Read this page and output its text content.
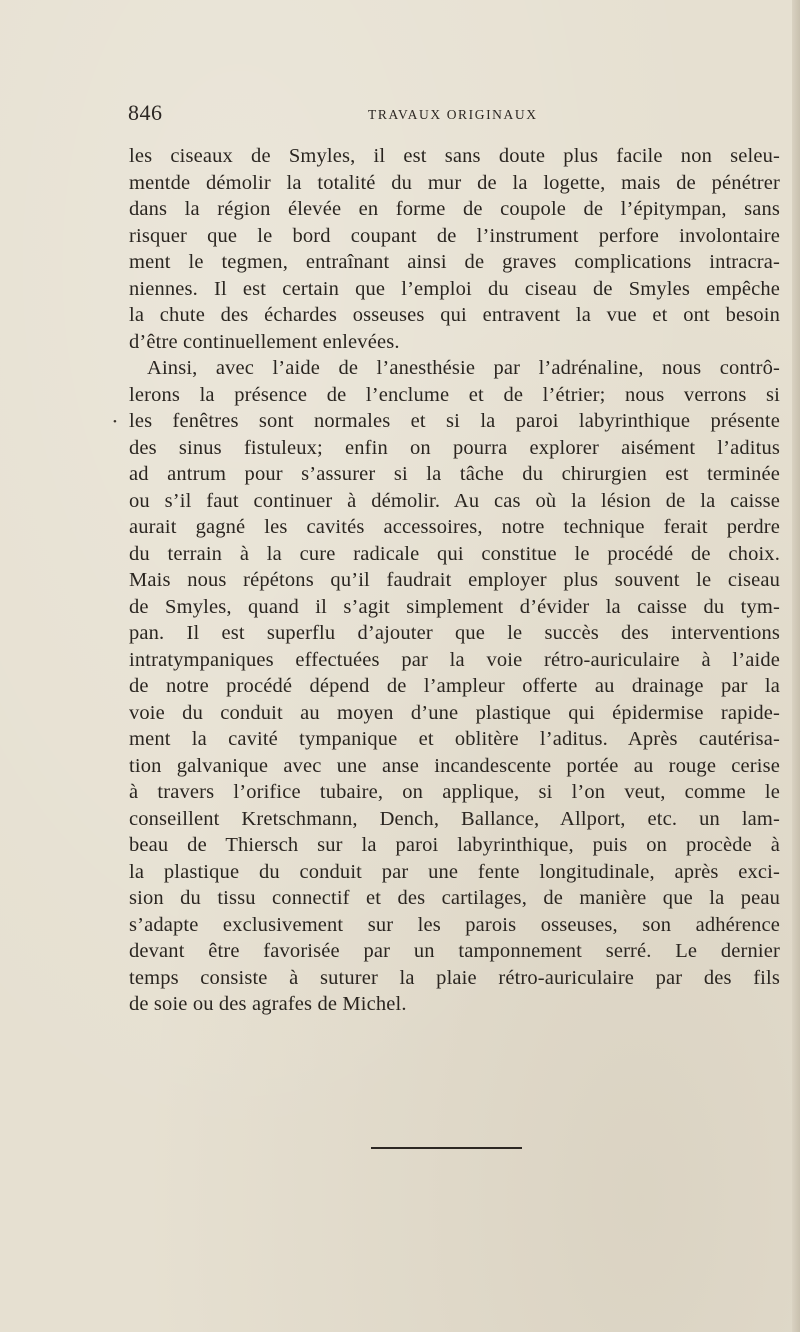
846	TRAVAUX ORIGINAUX
•
les ciseaux de Smyles, il est sans doute plus facile non seleu-
mentde démolir la totalité du mur de la logette, mais de pénétrer
dans la région élevée en forme de coupole de l’épitympan, sans
risquer que le bord coupant de l’instrument perfore involontaire
ment le tegmen, entraînant ainsi de graves complications intracra-
niennes. Il est certain que l’emploi du ciseau de Smyles empêche
la chute des échardes osseuses qui entravent la vue et ont besoin
d’être continuellement enlevées.
Ainsi, avec l’aide de l’anesthésie par l’adrénaline, nous contrô-
lerons la présence de l’enclume et de l’étrier; nous verrons si
les fenêtres sont normales et si la paroi labyrinthique présente
des sinus fistuleux; enfin on pourra explorer aisément l’aditus
ad antrum pour s’assurer si la tâche du chirurgien est terminée
ou s’il faut continuer à démolir. Au cas où la lésion de la caisse
aurait gagné les cavités accessoires, notre technique ferait perdre
du terrain à la cure radicale qui constitue le procédé de choix.
Mais nous répétons qu’il faudrait employer plus souvent le ciseau
de Smyles, quand il s’agit simplement d’évider la caisse du tym-
pan. Il est superflu d’ajouter que le succès des interventions
intratympaniques effectuées par la voie rétro-auriculaire à l’aide
de notre procédé dépend de l’ampleur offerte au drainage par la
voie du conduit au moyen d’une plastique qui épidermise rapide-
ment la cavité tympanique et oblitère l’aditus. Après cautérisa-
tion galvanique avec une anse incandescente portée au rouge cerise
à travers l’orifice tubaire, on applique, si l’on veut, comme le
conseillent Kretschmann, Dench, Ballance, Allport, etc. un lam-
beau de Thiersch sur la paroi labyrinthique, puis on procède à
la plastique du conduit par une fente longitudinale, après exci-
sion du tissu connectif et des cartilages, de manière que la peau
s’adapte exclusivement sur les parois osseuses, son adhérence
devant être favorisée par un tamponnement serré. Le dernier
temps consiste à suturer la plaie rétro-auriculaire par des fils
de soie ou des agrafes de Michel.
